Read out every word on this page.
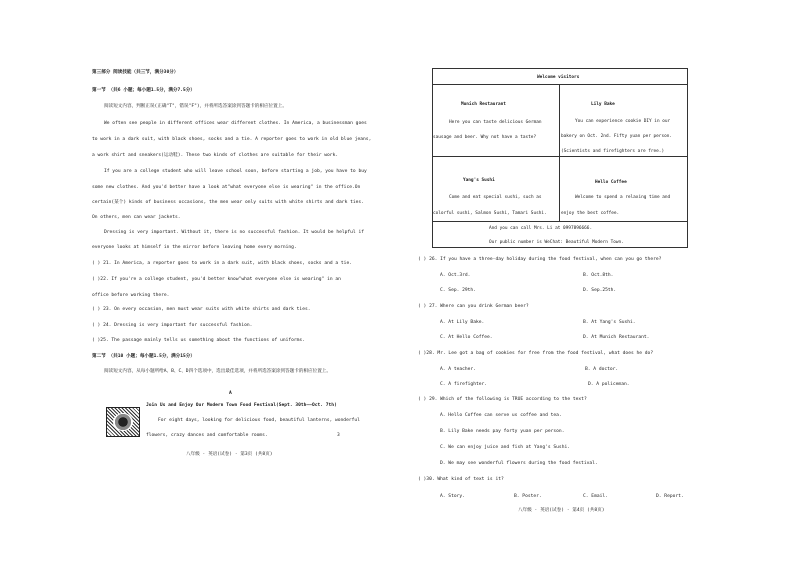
第三部分 阅读技能（共三节，满分30分）
第一节 （共6 小题；每小题1.5分，满分7.5分）
阅读短文内容，判断正误(正确"T"，错误"F")，并将所选答案涂到答题卡的相应位置上。
We often see people in different offices wear different clothes. In America, a businessman goes
to work in a dark suit, with black shoes, socks and a tie. A reporter goes to work in old blue jeans,
a work shirt and sneakers(运动鞋). These two kinds of clothes are suitable for their work.
If you are a college student who will leave school soon, before starting a job, you have to buy
some new clothes. And you'd better have a look at"what everyone else is wearing" in the office.On
certain(某个) kinds of business occasions, the men wear only suits with white shirts and dark ties.
On others, men can wear jackets.
Dressing is very important. Without it, there is no successful fashion. It would be helpful if
everyone looks at himself in the mirror before leaving home every morning.
( ) 21. In America, a reporter goes to work in a dark suit, with black shoes, socks and a tie.
( )22. If you're a college student, you'd better know"what everyone else is wearing" in an
office before working there.
( ) 23. On every occasion, men must wear suits with white shirts and dark ties.
( ) 24. Dressing is very important for successful fashion.
( )25. The passage mainly tells us something about the functions of uniforms.
第二节 （共10 小题；每小题1.5分，满分15分）
阅读短文内容，从每小题所给A、B、C、D四个选项中，选出最佳选项，并将所选答案涂到答题卡的相应位置上。
A
Join Us and Enjoy Our Modern Town Food Festival(Sept. 30th——Oct. 7th)
For eight days, looking for delicious food, beautiful lanterns, wonderful
flowers, crazy dances and comfortable rooms.	3
八年级 · 英语(试卷) · 第3页 (共8页)
Welcome visitors
Munich Restaurant
Here you can taste delicious German
sausage and beer. Why not have a taste?
Lily Bake
You can experience cookie DIY in our
bakery on Oct. 2nd. Fifty yuan per person.
(Scientists and firefighters are free.)
Yang's Sushi
Come and eat special sushi, such as
colorful sushi, Salmon Sushi, Tamari Sushi.
Hello Coffee
Welcome to spend a relaxing time and
enjoy the best coffee.
And you can call Mrs. Li at 0997896666.
Our public number is WeChat: Beautiful Modern Town.
( ) 26. If you have a three-day holiday during the food festival, when can you go there?
A. Oct.3rd.	B. Oct.8th.
C. Sep. 29th.	D. Sep.25th.
( ) 27. Where can you drink German beer?
A. At Lily Bake.	B. At Yang's Sushi.
C. At Hello Coffee.	D. At Munich Restaurant.
( )28. Mr. Lee got a bag of cookies for free from the food festival, what does he do?
A. A teacher.	B. A doctor.
C. A firefighter.	D. A policeman.
( ) 29. Which of the following is TRUE according to the text?
A. Hello Coffee can serve us coffee and tea.
B. Lily Bake needs pay forty yuan per person.
C. We can enjoy juice and fish at Yang's Sushi.
D. We may see wonderful flowers during the food festival.
( )30. What kind of text is it?
A. Story.	B. Poster.	C. Email.	D. Report.
八年级 · 英语(试卷) · 第4页 (共8页)
